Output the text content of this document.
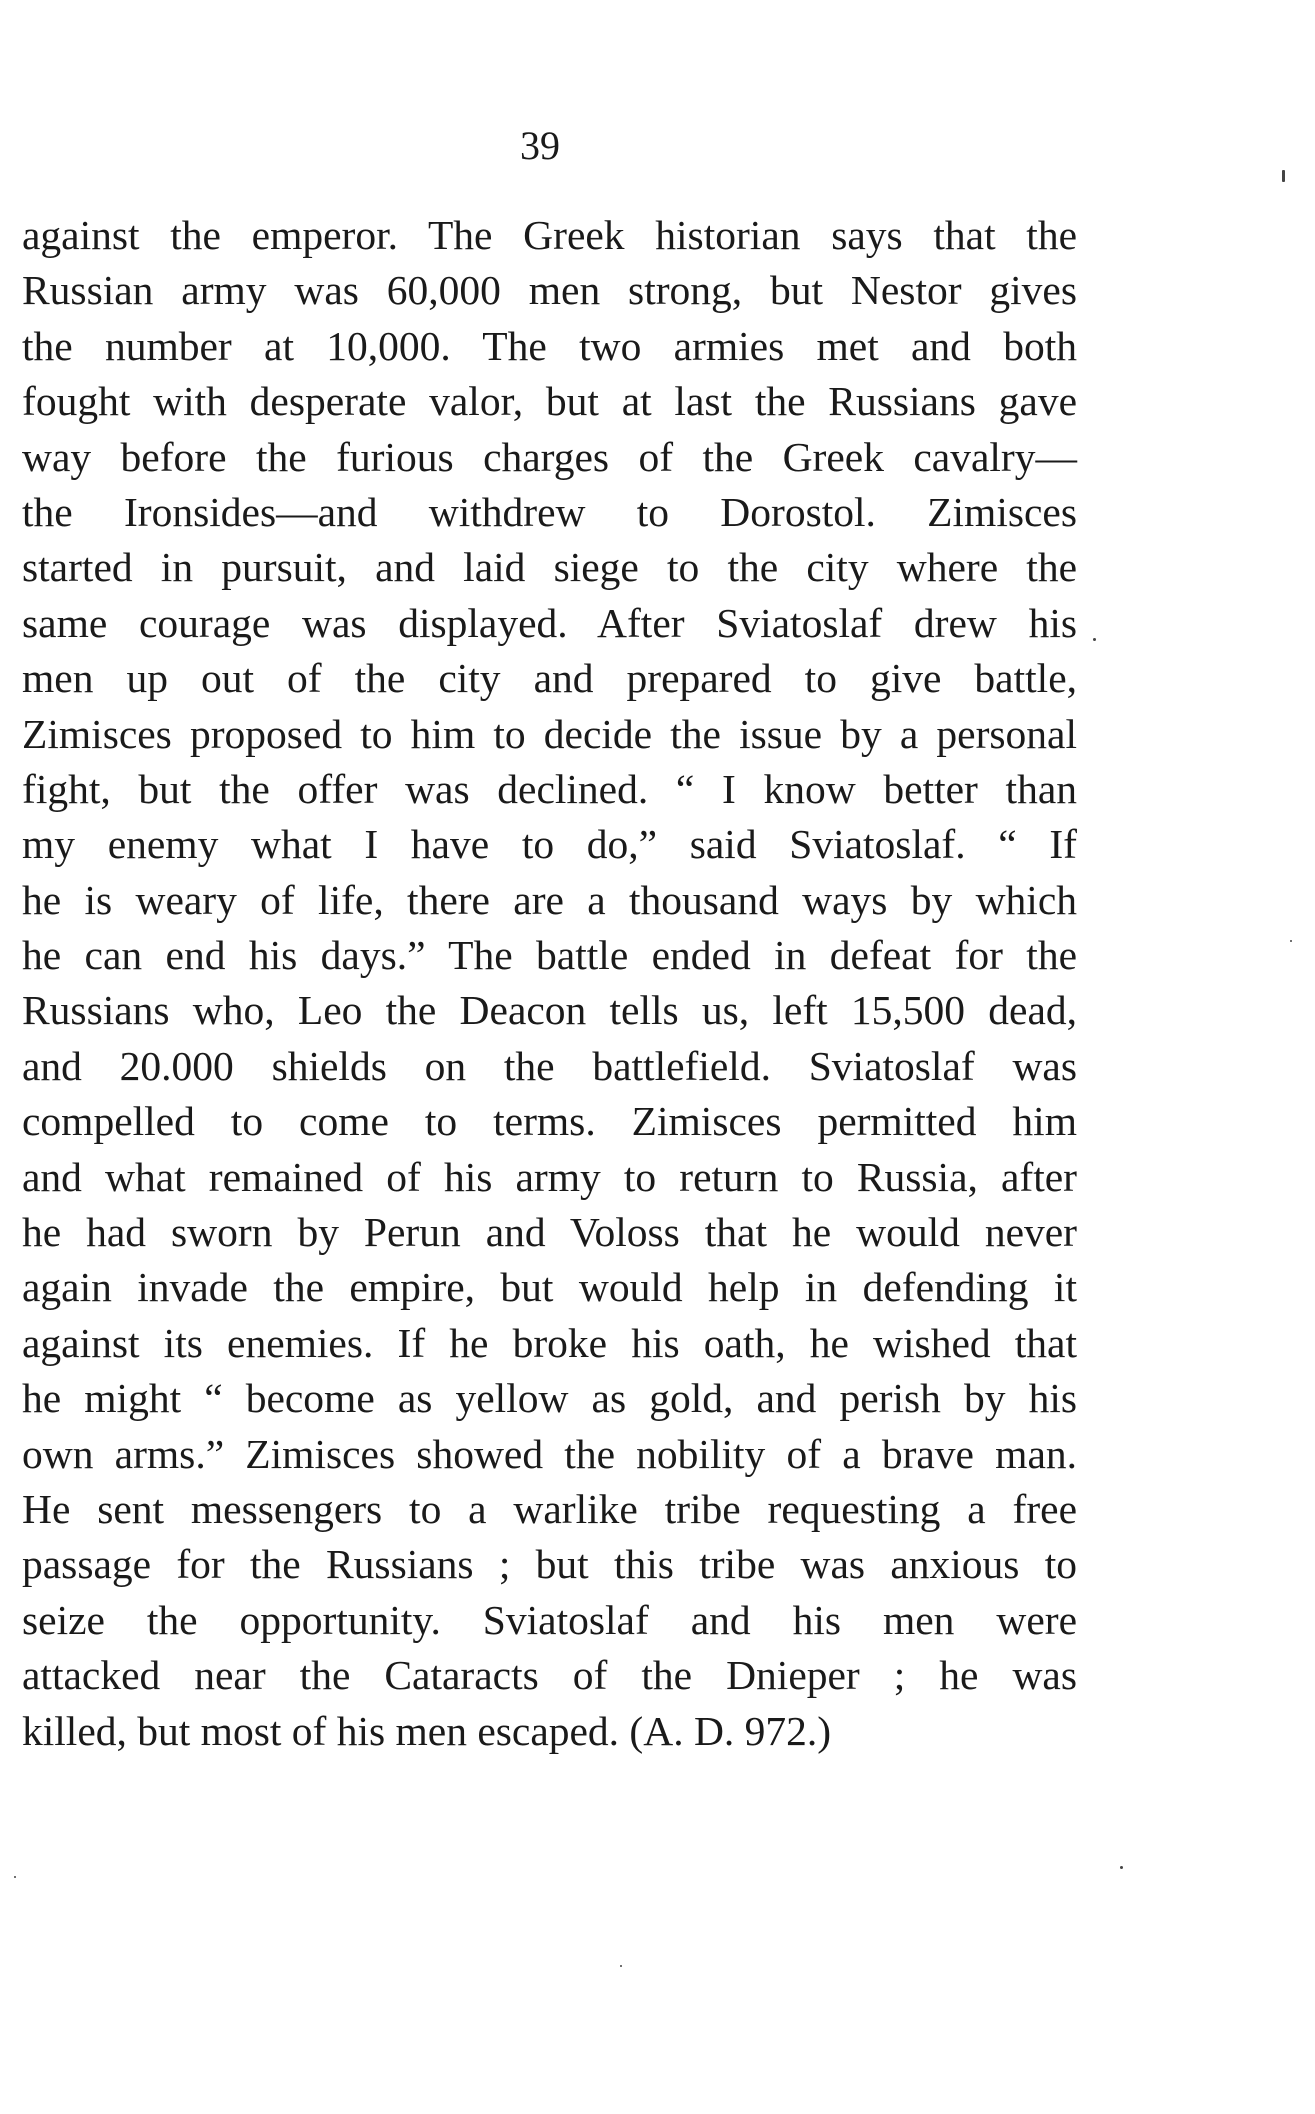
39
against the emperor. The Greek historian says that the
Russian army was 60,000 men strong, but Nestor gives
the number at 10,000. The two armies met and both
fought with desperate valor, but at last the Russians gave
way before the furious charges of the Greek cavalry—
the Ironsides—and withdrew to Dorostol. Zimisces
started in pursuit, and laid siege to the city where the
same courage was displayed. After Sviatoslaf drew his
men up out of the city and prepared to give battle,
Zimisces proposed to him to decide the issue by a personal
fight, but the offer was declined. “ I know better than
my enemy what I have to do,” said Sviatoslaf. “ If
he is weary of life, there are a thousand ways by which
he can end his days.” The battle ended in defeat for the
Russians who, Leo the Deacon tells us, left 15,500 dead,
and 20.000 shields on the battlefield. Sviatoslaf was
compelled to come to terms. Zimisces permitted him
and what remained of his army to return to Russia, after
he had sworn by Perun and Voloss that he would never
again invade the empire, but would help in defending it
against its enemies. If he broke his oath, he wished that
he might “ become as yellow as gold, and perish by his
own arms.” Zimisces showed the nobility of a brave man.
He sent messengers to a warlike tribe requesting a free
passage for the Russians ; but this tribe was anxious to
seize the opportunity. Sviatoslaf and his men were
attacked near the Cataracts of the Dnieper ; he was
killed, but most of his men escaped. (A. D. 972.)
